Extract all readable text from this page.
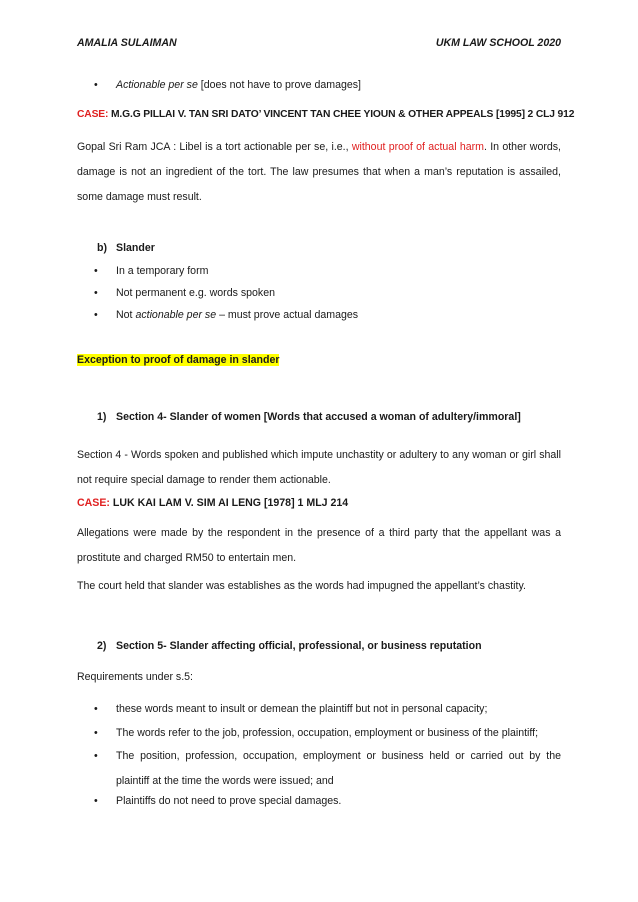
AMALIA SULAIMAN	UKM LAW SCHOOL 2020
• Actionable per se [does not have to prove damages]
CASE: M.G.G PILLAI V. TAN SRI DATO’ VINCENT TAN CHEE YIOUN & OTHER APPEALS [1995] 2 CLJ 912
Gopal Sri Ram JCA : Libel is a tort actionable per se, i.e., without proof of actual harm. In other words, damage is not an ingredient of the tort. The law presumes that when a man’s reputation is assailed, some damage must result.
b) Slander
• In a temporary form
• Not permanent e.g. words spoken
• Not actionable per se – must prove actual damages
Exception to proof of damage in slander
1) Section 4- Slander of women [Words that accused a woman of adultery/immoral]
Section 4 - Words spoken and published which impute unchastity or adultery to any woman or girl shall not require special damage to render them actionable.
CASE: LUK KAI LAM V. SIM AI LENG [1978] 1 MLJ 214
Allegations were made by the respondent in the presence of a third party that the appellant was a prostitute and charged RM50 to entertain men.
The court held that slander was establishes as the words had impugned the appellant’s chastity.
2) Section 5- Slander affecting official, professional, or business reputation
Requirements under s.5:
• these words meant to insult or demean the plaintiff but not in personal capacity;
• The words refer to the job, profession, occupation, employment or business of the plaintiff;
• The position, profession, occupation, employment or business held or carried out by the plaintiff at the time the words were issued; and
• Plaintiffs do not need to prove special damages.
